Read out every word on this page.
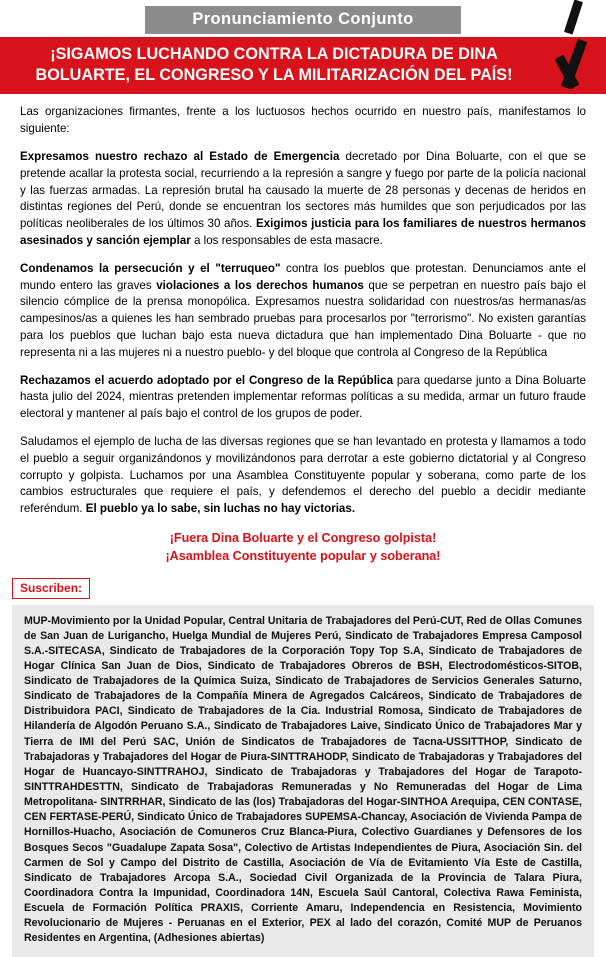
Pronunciamiento Conjunto
¡SIGAMOS LUCHANDO CONTRA LA DICTADURA DE DINA BOLUARTE, EL CONGRESO Y LA MILITARIZACIÓN DEL PAÍS!

Las organizaciones firmantes, frente a los luctuosos hechos ocurrido en nuestro país, manifestamos lo siguiente:

Expresamos nuestro rechazo al Estado de Emergencia decretado por Dina Boluarte, con el que se pretende acallar la protesta social, recurriendo a la represión a sangre y fuego por parte de la policía nacional y las fuerzas armadas. La represión brutal ha causado la muerte de 28 personas y decenas de heridos en distintas regiones del Perú, donde se encuentran los sectores más humildes que son perjudicados por las políticas neoliberales de los últimos 30 años. Exigimos justicia para los familiares de nuestros hermanos asesinados y sanción ejemplar a los responsables de esta masacre.

Condenamos la persecución y el "terruqueo" contra los pueblos que protestan. Denunciamos ante el mundo entero las graves violaciones a los derechos humanos que se perpetran en nuestro país bajo el silencio cómplice de la prensa monopólica. Expresamos nuestra solidaridad con nuestros/as hermanas/as campesinos/as a quienes les han sembrado pruebas para procesarlos por "terrorismo". No existen garantías para los pueblos que luchan bajo esta nueva dictadura que han implementado Dina Boluarte - que no representa ni a las mujeres ni a nuestro pueblo- y del bloque que controla al Congreso de la República

Rechazamos el acuerdo adoptado por el Congreso de la República para quedarse junto a Dina Boluarte hasta julio del 2024, mientras pretenden implementar reformas políticas a su medida, armar un futuro fraude electoral y mantener al país bajo el control de los grupos de poder.

Saludamos el ejemplo de lucha de las diversas regiones que se han levantado en protesta y llamamos a todo el pueblo a seguir organizándonos y movilizándonos para derrotar a este gobierno dictatorial y al Congreso corrupto y golpista. Luchamos por una Asamblea Constituyente popular y soberana, como parte de los cambios estructurales que requiere el país, y defendemos el derecho del pueblo a decidir mediante referéndum. El pueblo ya lo sabe, sin luchas no hay victorias.

¡Fuera Dina Boluarte y el Congreso golpista!
¡Asamblea Constituyente popular y soberana!
Suscriben:
MUP-Movimiento por la Unidad Popular, Central Unitaria de Trabajadores del Perú-CUT, Red de Ollas Comunes de San Juan de Lurigancho, Huelga Mundial de Mujeres Perú, Sindicato de Trabajadores Empresa Camposol S.A.-SITECASA, Sindicato de Trabajadores de la Corporación Topy Top S.A, Sindicato de Trabajadores de Hogar Clínica San Juan de Dios, Sindicato de Trabajadores Obreros de BSH, Electrodomésticos-SITOB, Sindicato de Trabajadores de la Química Suiza, Sindicato de Trabajadores de Servicios Generales Saturno, Sindicato de Trabajadores de la Compañía Minera de Agregados Calcáreos, Sindicato de Trabajadores de Distribuidora PACI, Sindicato de Trabajadores de la Cia. Industrial Romosa, Sindicato de Trabajadores de Hilandería de Algodón Peruano S.A., Sindicato de Trabajadores Laive, Sindicato Único de Trabajadores Mar y Tierra de IMI del Perú SAC, Unión de Sindicatos de Trabajadores de Tacna-USSITTHOP, Sindicato de Trabajadoras y Trabajadores del Hogar de Piura-SINTTRAHODP, Sindicato de Trabajadoras y Trabajadores del Hogar de Huancayo-SINTTRAHOJ, Sindicato de Trabajadoras y Trabajadores del Hogar de Tarapoto-SINTTRAHDESTTN, Sindicato de Trabajadoras Remuneradas y No Remuneradas del Hogar de Lima Metropolitana- SINTRRHAR, Sindicato de las (los) Trabajadoras del Hogar-SINTHOA Arequipa, CEN CONTASE, CEN FERTASE-PERÚ, Sindicato Único de Trabajadores SUPEMSA-Chancay, Asociación de Vivienda Pampa de Hornillos-Huacho, Asociación de Comuneros Cruz Blanca-Piura, Colectivo Guardianes y Defensores de los Bosques Secos "Guadalupe Zapata Sosa", Colectivo de Artistas Independientes de Piura, Asociación Sin. del Carmen de Sol y Campo del Distrito de Castilla, Asociación de Vía de Evitamiento Vía Este de Castilla, Sindicato de Trabajadores Arcopa S.A., Sociedad Civil Organizada de la Provincia de Talara Piura, Coordinadora Contra la Impunidad, Coordinadora 14N, Escuela Saúl Cantoral, Colectiva Rawa Feminista, Escuela de Formación Política PRAXIS, Corriente Amaru, Independencia en Resistencia, Movimiento Revolucionario de Mujeres - Peruanas en el Exterior, PEX al lado del corazón, Comité MUP de Peruanos Residentes en Argentina, (Adhesiones abiertas)
